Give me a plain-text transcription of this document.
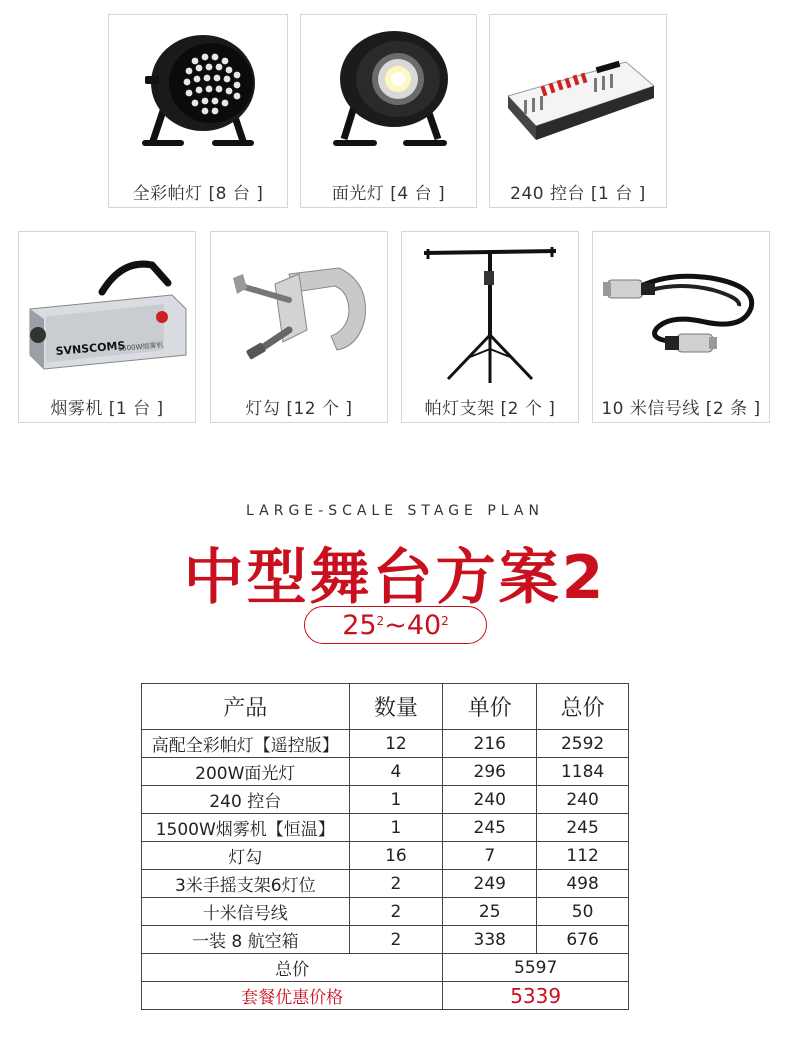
全彩帕灯 [8 台 ]	面光灯 [4 台 ]	240 控台 [1 台 ]
SVNSCOMS
1500W烟雾机
烟雾机 [1 台 ]	灯勾 [12 个 ]	帕灯支架 [2 个 ]	10 米信号线 [2 条 ]
LARGE-SCALE STAGE PLAN
中型舞台方案2
$25^2$ ~ $40^2$
产品	数量	单价	总价
高配全彩帕灯【遥控版】	12	216	2592
200W面光灯	4	296	1184
240 控台	1	240	240
1500W烟雾机【恒温】	1	245	245
灯勾	16	7	112
3米手摇支架6灯位	2	249	498
十米信号线	2	25	50
一装 8 航空箱	2	338	676
总价		5597	
套餐优惠价格		5339	
